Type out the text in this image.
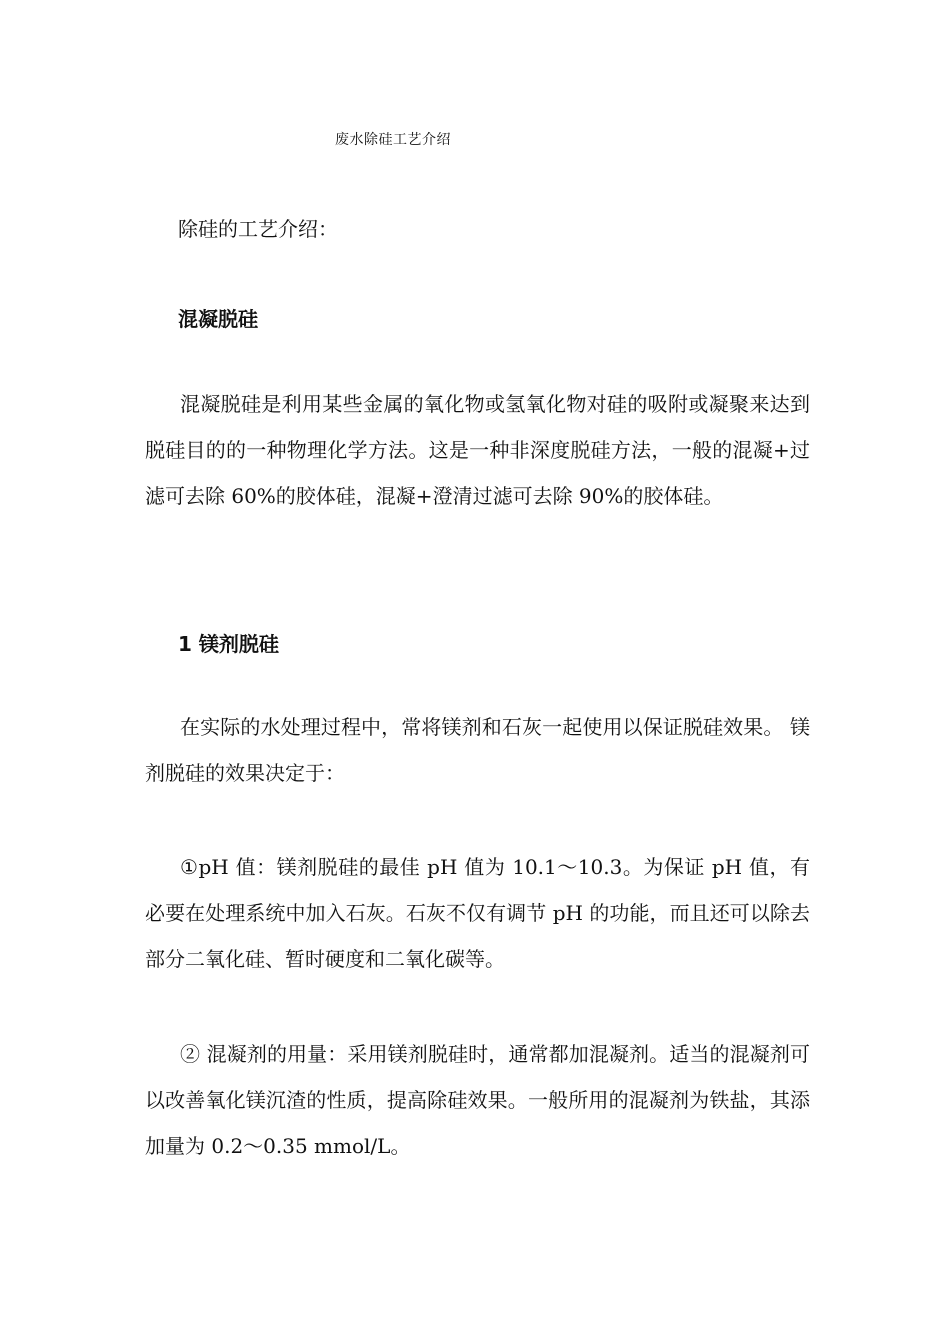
废水除硅工艺介绍

除硅的工艺介绍：

混凝脱硅

混凝脱硅是利用某些金属的氧化物或氢氧化物对硅的吸附或凝聚来达到脱硅目的的一种物理化学方法。这是一种非深度脱硅方法，一般的混凝+过滤可去除 60%的胶体硅，混凝+澄清过滤可去除 90%的胶体硅。

1 镁剂脱硅

在实际的水处理过程中，常将镁剂和石灰一起使用以保证脱硅效果。 镁剂脱硅的效果决定于：

①pH 值：镁剂脱硅的最佳 pH 值为 10.1～10.3。为保证 pH 值，有必要在处理系统中加入石灰。石灰不仅有调节 pH 的功能，而且还可以除去部分二氧化硅、暂时硬度和二氧化碳等。

② 混凝剂的用量：采用镁剂脱硅时，通常都加混凝剂。适当的混凝剂可以改善氧化镁沉渣的性质，提高除硅效果。一般所用的混凝剂为铁盐，其添加量为 0.2～0.35 mmol/L。
